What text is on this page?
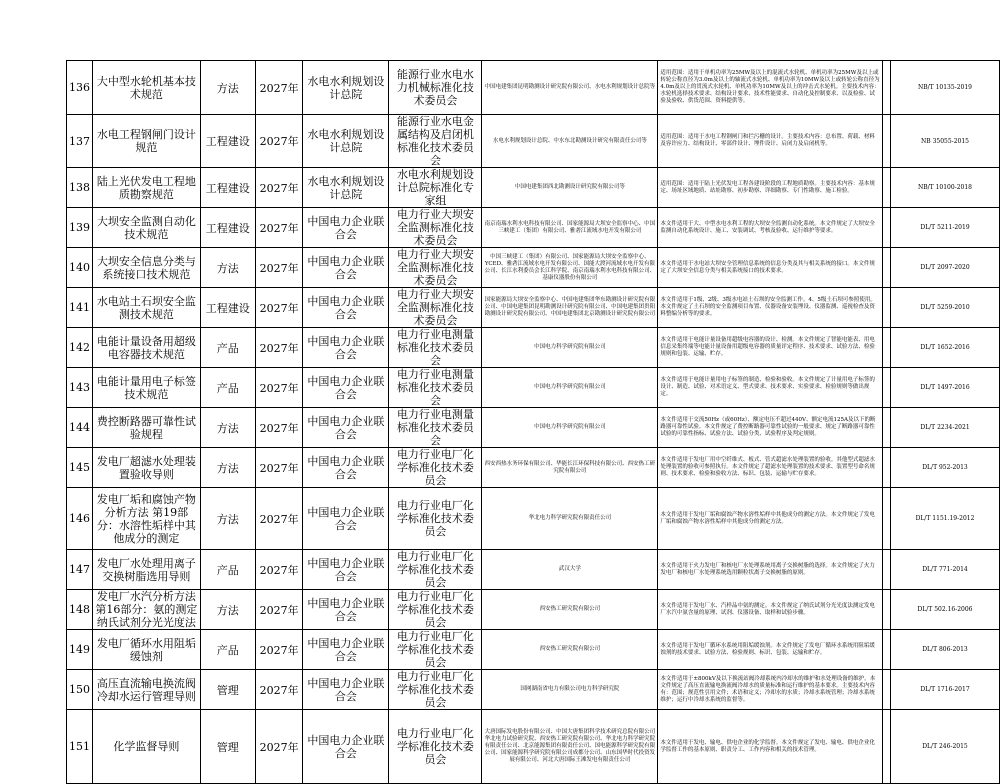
136	大中型水轮机基本技术规范	方法	2027年	水电水利规划设计总院	能源行业水电水力机械标准化技术委员会	中国电建集团昆明勘测设计研究院有限公司、水电水利规划设计总院等	适用范围：适用于单机功率为25MW及以上的混流式水轮机、单机功率为25MW及以上或转轮公称直径为3.0m及以上的轴流式水轮机、单机功率为10MW及以上或转轮公称直径为4.0m及以上的贯流式水轮机、单机功率为10MW及以上的冲击式水轮机。主要技术内容：水轮机选择技术要求、结构设计要求、技术性能要求、自动化及控制要求、以及检验、试验及验收、供货范围、资料提供等。		NB/T 10135-2019
137	水电工程钢闸门设计规范	工程建设	2027年	水电水利规划设计总院	能源行业水电金属结构及启闭机标准化技术委员会	水电水利规划设计总院、中水东北勘测设计研究有限责任公司等	适用范围：适用于水电工程钢闸门和拦污栅的设计。主要技术内容：总布置、荷载、材料及容许应力、结构设计、零部件设计、埋件设计、启闭力及启闭机等。		NB 35055-2015
138	陆上光伏发电工程地质勘察规范	工程建设	2027年	水电水利规划设计总院	水电水利规划设计总院标准化专家组	中国电建集团西北勘测设计研究院有限公司等	适用范围：适用于陆上光伏发电工程各建设阶段的工程地质勘察。主要技术内容：基本规定、场址区域地质、站址勘察、初步勘察、详细勘察、专门性勘察、施工检验。		NB/T 10100-2018
139	大坝安全监测自动化技术规范	工程建设	2027年	中国电力企业联合会	电力行业大坝安全监测标准化技术委员会	南京南瑞水利水电科技有限公司、国家能源局大坝安全监察中心、中国三峡建工（集团）有限公司、雅砻江流域水电开发有限公司	本文件适用于大、中型水电水利工程的大坝安全监测自动化系统。本文件规定了大坝安全监测自动化系统设计、施工、安装调试、考核及验收、运行维护等要求。		DL/T 5211-2019
140	大坝安全信息分类与系统接口技术规范	方法	2027年	中国电力企业联合会	电力行业大坝安全监测标准化技术委员会	中国三峡建工（集团）有限公司、国家能源局大坝安全监察中心、YCED、雅砻江流域水电开发有限公司、国能大渡河流域水电开发有限公司、长江水利委员会长江科学院、南京南瑞水利水电科技有限公司、基康仪器股份有限公司	本文件适用于水电站大坝安全管理信息系统的信息分类及其与相关系统的接口。本文件规定了大坝安全信息分类与相关系统接口的技术要求。		DL/T 2097-2020
141	水电站土石坝安全监测技术规范	工程建设	2027年	中国电力企业联合会	电力行业大坝安全监测标准化技术委员会	国家能源局大坝安全监察中心、中国电建集团华东勘测设计研究院有限公司、中国电建集团昆明勘测设计研究院有限公司、中国电建集团贵阳勘测设计研究院有限公司、中国电建集团北京勘测设计研究院有限公司	本文件适用于1级、2级、3级水电站土石坝的安全监测工作。4、5级土石坝可参照使用。本文件规定了土石坝的安全监测项目布置、仪器设备安装埋设、仪器监测、巡视检查及资料整编分析等的要求。		DL/T 5259-2010
142	电能计量设备用超级电容器技术规范	产品	2027年	中国电力企业联合会	电力行业电测量标准化技术委员会	中国电力科学研究院有限公司	本文件适用于电能计量设备用超级电容器的设计、检测。本文件规定了智能电能表、用电信息采集终端等电能计量设备用超级电容器的质量评定程序、技术要求、试验方法、检验规则和包装、运输、贮存。		DL/T 1652-2016
143	电能计量用电子标签技术规范	产品	2027年	中国电力企业联合会	电力行业电测量标准化技术委员会	中国电力科学研究院有限公司	本文件适用于电能计量用电子标签的制造、检验和验收。本文件规定了计量用电子标签的设计、制造、试验、对术语定义、型式要求、技术要求、实验要求、检验规则等做出规定。		DL/T 1497-2016
144	费控断路器可靠性试验规程	方法	2027年	中国电力企业联合会	电力行业电测量标准化技术委员会	中国电力科学研究院有限公司	本文件适用于交流50Hz（或60Hz）、额定电压不超过440V、额定电流125A及以下的断路器可靠性试验。本文件规定了费控断路器可靠性试验的一般要求、规定了断路器可靠性试验的可靠性指标、试验方法、试验分类、试验程序及判定规则。		DL/T 2234-2021
145	发电厂超滤水处理装置验收导则	方法	2027年	中国电力企业联合会	电力行业电厂化学标准化技术委员会	西安西热水务环保有限公司、华能长江环保科技有限公司、西安热工研究院有限公司	本文件适用于发电厂用中空纤维式、板式、管式超滤水处理装置的验收。其他型式超滤水处理装置的验收可参照执行。本文件规定了超滤水处理装置的技术要求、装置型号命名规则、技术要求、检验和验收方法、标识、包装、运输与贮存要求。		DL/T 952-2013
146	发电厂垢和腐蚀产物分析方法 第19部分：水溶性垢样中其他成分的测定	方法	2027年	中国电力企业联合会	电力行业电厂化学标准化技术委员会	华北电力科学研究院有限责任公司	本文件适用于发电厂垢和腐蚀产物水溶性垢样中其他成分的测定方法。本文件规定了发电厂垢和腐蚀产物水溶性垢样中其他成分的测定方法。		DL/T 1151.19-2012
147	发电厂水处理用离子交换树脂选用导则	产品	2027年	中国电力企业联合会	电力行业电厂化学标准化技术委员会	武汉大学	本文件适用于火力发电厂和核电厂水处理系统用离子交换树脂的选择。本文件规定了火力发电厂和核电厂水处理系统选用颗粒状离子交换树脂的原则。		DL/T 771-2014
148	发电厂水汽分析方法 第16部分：氨的测定 纳氏试剂分光光度法	方法	2027年	中国电力企业联合会	电力行业电厂化学标准化技术委员会	西安热工研究院有限公司	本文件适用于发电厂水、汽样品中氨的测定。本文件规定了纳氏试剂分光光度法测定发电厂水汽中氨含量的原理、试剂、仪器设备、取样和试验步骤。		DL/T 502.16-2006
149	发电厂循环水用阻垢缓蚀剂	产品	2027年	中国电力企业联合会	电力行业电厂化学标准化技术委员会	西安热工研究院有限公司	本文件适用于发电厂循环水系统用阻垢缓蚀剂。本文件规定了发电厂循环水系统用阻垢缓蚀剂的技术要求、试验方法、检验规则、标识、包装、运输和贮存。		DL/T 806-2013
150	高压直流输电换流阀冷却水运行管理导则	管理	2027年	中国电力企业联合会	电力行业电厂化学标准化技术委员会	国网湖南省电力有限公司电力科学研究院	本文件适用于±800kV及以下换流站阀冷却系统内冷却水的维护和水处理设备的维护。本文件规定了高压直流输电换流阀冷却水的质量标准和运行维护的基本要求。主要技术内容有：范围；规范性引用文件；术语和定义；冷却水的水质；冷却水系统管理；冷却水系统维护；运行中冷却水系统的监督等。		DL/T 1716-2017
151	化学监督导则	管理	2027年	中国电力企业联合会	电力行业电厂化学标准化技术委员会	大唐国际发电股份有限公司、中国大唐集团科学技术研究总院有限公司华北电力试验研究院、西安热工研究院有限公司、华北电力科学研究院有限责任公司、北京能源集团有限责任公司、国电能源科学研究院有限公司、国家能源科学研究院有限公司成都分公司、山东国华时代投资发展有限公司、河北大唐国际王滩发电有限责任公司	本文件适用于发电、输电、供电企业的化学监督。本文件规定了发电、输电、供电企业化学监督工作的基本原则、职责分工、工作内容和相关的技术管理。		DL/T 246-2015
